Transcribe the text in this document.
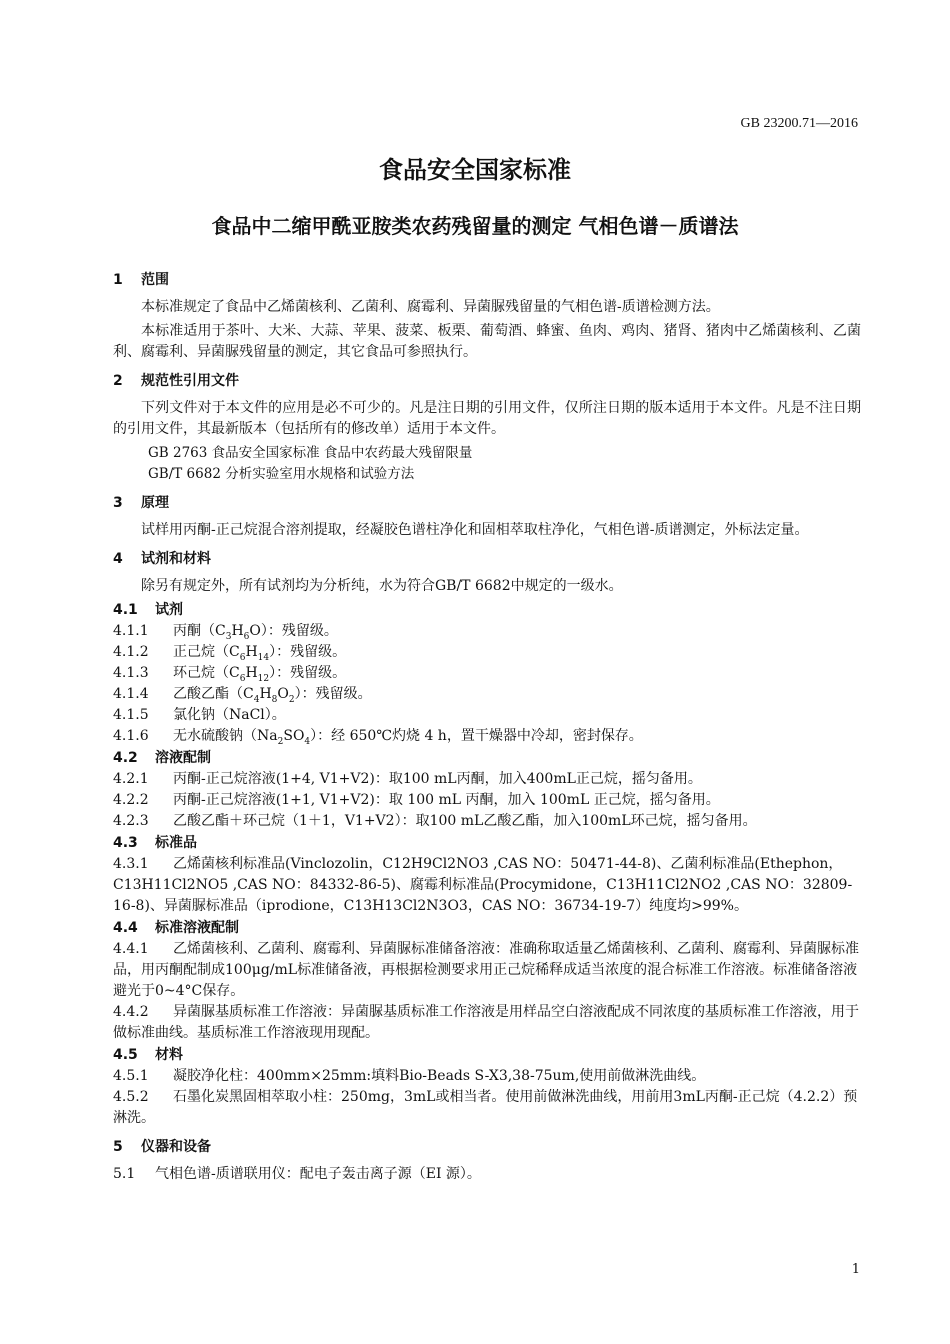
GB 23200.71—2016
食品安全国家标准
食品中二缩甲酰亚胺类农药残留量的测定 气相色谱－质谱法
1 范围

本标准规定了食品中乙烯菌核利、乙菌利、腐霉利、异菌脲残留量的气相色谱-质谱检测方法。

本标准适用于茶叶、大米、大蒜、苹果、菠菜、板栗、葡萄酒、蜂蜜、鱼肉、鸡肉、猪肾、猪肉中乙烯菌核利、乙菌利、腐霉利、异菌脲残留量的测定，其它食品可参照执行。

2 规范性引用文件

下列文件对于本文件的应用是必不可少的。凡是注日期的引用文件，仅所注日期的版本适用于本文件。凡是不注日期的引用文件，其最新版本（包括所有的修改单）适用于本文件。

GB 2763 食品安全国家标准 食品中农药最大残留限量
GB/T 6682 分析实验室用水规格和试验方法
3 原理

试样用丙酮-正己烷混合溶剂提取，经凝胶色谱柱净化和固相萃取柱净化，气相色谱-质谱测定，外标法定量。

4 试剂和材料

除另有规定外，所有试剂均为分析纯，水为符合GB/T 6682中规定的一级水。

4.1 试剂

4.1.1 丙酮$(C_3H_6O)$：残留级。

4.1.2 正己烷$(C_6H_{14})$：残留级。

4.1.3 环己烷$(C_6H_{12})$：残留级。

4.1.4 乙酸乙酯$(C_4H_8O_2)$：残留级。

4.1.5 氯化钠（NaCl）。

4.1.6 无水硫酸钠$(Na_2SO_4)$：经 650℃灼烧 4 h，置干燥器中冷却，密封保存。

4.2 溶液配制

4.2.1 丙酮-正己烷溶液(1+4, V1+V2)：取100 mL丙酮，加入400mL正己烷，摇匀备用。

4.2.2 丙酮-正己烷溶液(1+1, V1+V2)：取 100 mL 丙酮，加入 100mL 正己烷，摇匀备用。

4.2.3 乙酸乙酯＋环己烷（1＋1，V1+V2）：取100 mL乙酸乙酯，加入100mL环己烷，摇匀备用。

4.3 标准品

4.3.1 乙烯菌核利标准品(Vinclozolin，C12H9Cl2NO3 ,CAS NO：50471-44-8)、乙菌利标准品(Ethephon，C13H11Cl2NO5 ,CAS NO：84332-86-5)、腐霉利标准品(Procymidone，C13H11Cl2NO2 ,CAS NO：32809-16-8)、异菌脲标准品（iprodione，C13H13Cl2N3O3，CAS NO：36734-19-7）纯度均>99%。

4.4 标准溶液配制

4.4.1 乙烯菌核利、乙菌利、腐霉利、异菌脲标准储备溶液：准确称取适量乙烯菌核利、乙菌利、腐霉利、异菌脲标准品，用丙酮配制成100μg/mL标准储备液，再根据检测要求用正己烷稀释成适当浓度的混合标准工作溶液。标准储备溶液避光于0~4°C保存。

4.4.2 异菌脲基质标准工作溶液：异菌脲基质标准工作溶液是用样品空白溶液配成不同浓度的基质标准工作溶液，用于做标准曲线。基质标准工作溶液现用现配。

4.5 材料

4.5.1 凝胶净化柱：400mm×25mm:填料Bio-Beads S-X3,38-75um,使用前做淋洗曲线。

4.5.2 石墨化炭黑固相萃取小柱：250mg，3mL或相当者。使用前做淋洗曲线，用前用3mL丙酮-正己烷（4.2.2）预淋洗。

5 仪器和设备

5.1 气相色谱-质谱联用仪：配电子轰击离子源（EI 源）。

1
